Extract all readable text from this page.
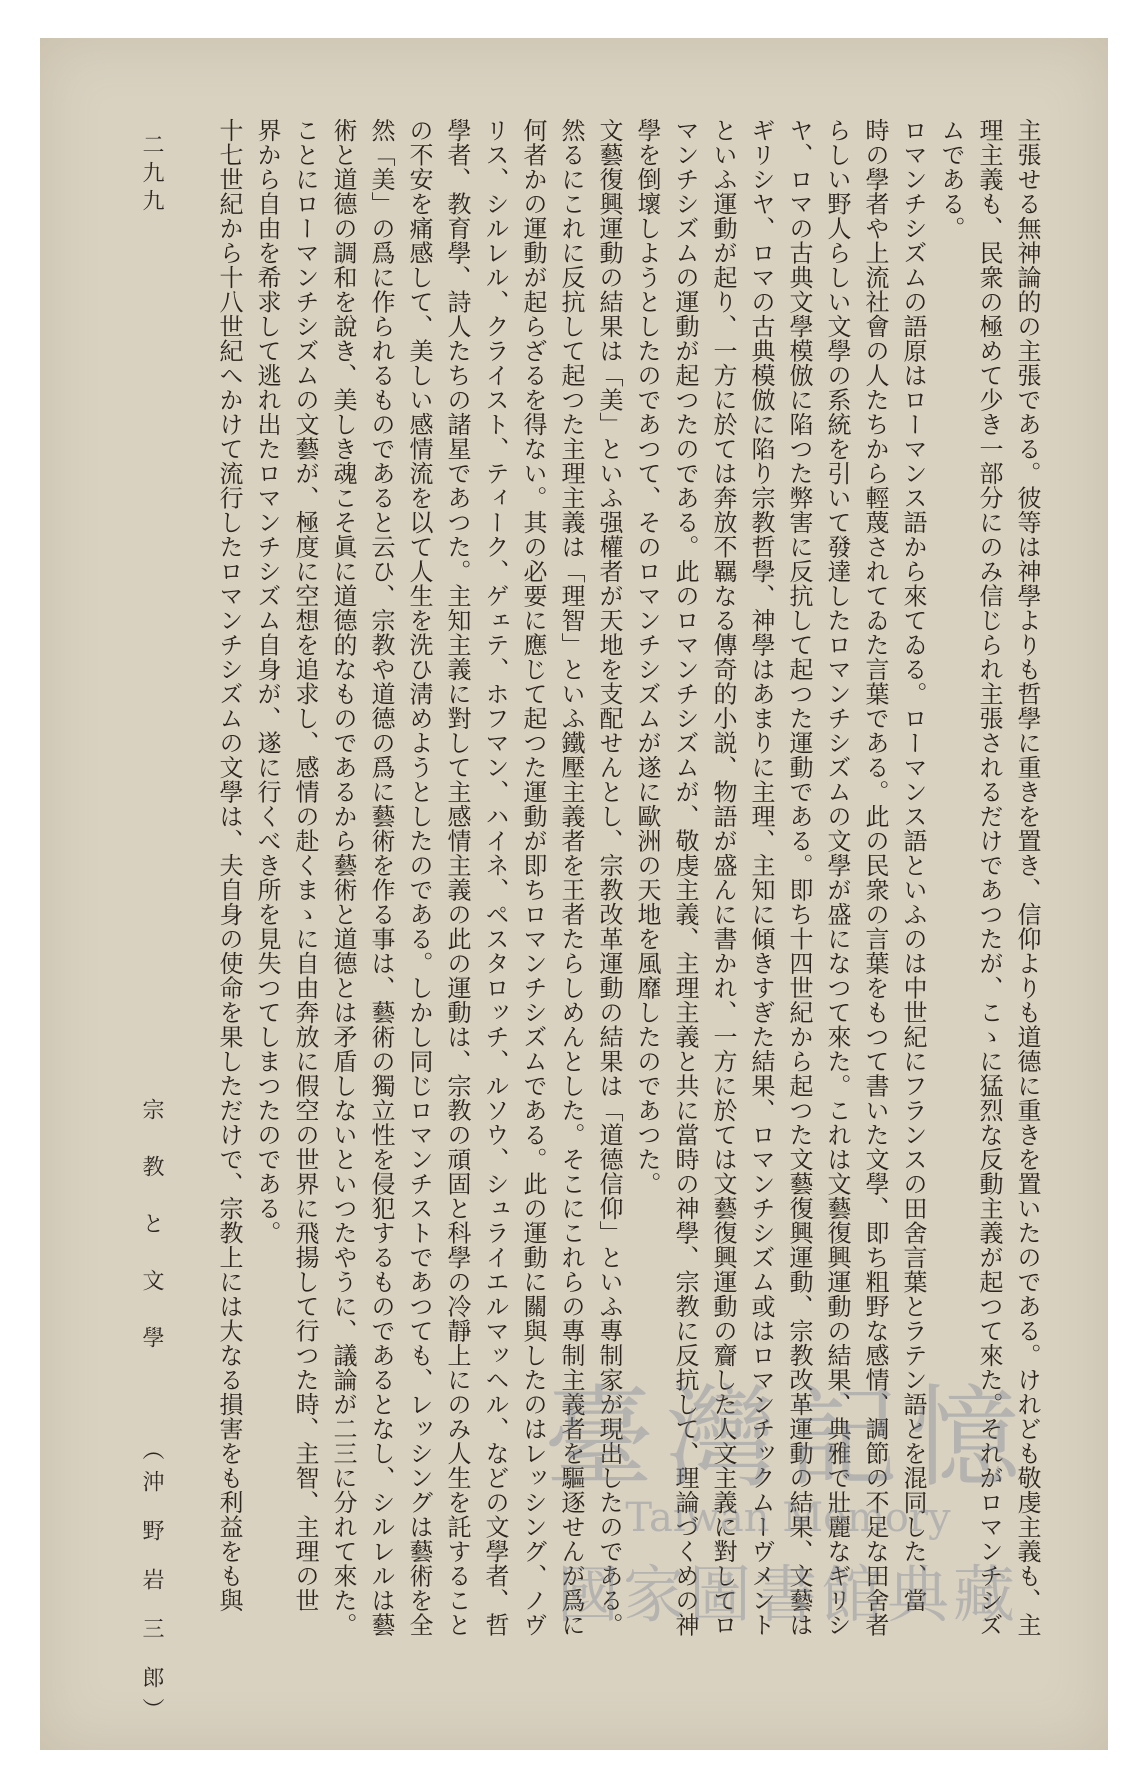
主張せる無神論的の主張である。彼等は神學よりも哲學に重きを置き、信仰よりも道德に重きを置いたのである。けれども敬虔主義も、主
理主義も、民衆の極めて少き一部分にのみ信じられ主張されるだけであつたが、こゝに猛烈な反動主義が起つて來た。それがロマンチシズ
ムである。
ロマンチシズムの語原はローマンス語から來てゐる。ローマンス語といふのは中世紀にフランスの田舍言葉とラテン語とを混同した、當
時の學者や上流社會の人たちから輕蔑されてゐた言葉である。此の民衆の言葉をもつて書いた文學、即ち粗野な感情、調節の不足な田舍者
らしい野人らしい文學の系統を引いて發達したロマンチシズムの文學が盛になつて來た。これは文藝復興運動の結果、典雅で壯麗なギリシ
ヤ、ロマの古典文學模倣に陷つた弊害に反抗して起つた運動である。即ち十四世紀から起つた文藝復興運動、宗教改革運動の結果、文藝は
ギリシヤ、ロマの古典模倣に陷り宗教哲學、神學はあまりに主理、主知に傾きすぎた結果、ロマンチシズム或はロマンチックムーヴメント
といふ運動が起り、一方に於ては奔放不羈なる傳奇的小説、物語が盛んに書かれ、一方に於ては文藝復興運動の齎した人文主義に對してロ
マンチシズムの運動が起つたのである。此のロマンチシズムが、敬虔主義、主理主義と共に當時の神學、宗教に反抗して、理論づくめの神
學を倒壞しようとしたのであつて、そのロマンチシズムが遂に歐洲の天地を風靡したのであつた。
文藝復興運動の結果は「美」といふ强權者が天地を支配せんとし、宗教改革運動の結果は「道德信仰」といふ專制家が現出したのである。
然るにこれに反抗して起つた主理主義は「理智」といふ鐵壓主義者を王者たらしめんとした。そこにこれらの專制主義者を驅逐せんが爲に
何者かの運動が起らざるを得ない。其の必要に應じて起つた運動が即ちロマンチシズムである。此の運動に關與したのはレッシング、ノヴ
リス、シルレル、クライスト、ティーク、ゲェテ、ホフマン、ハイネ、ペスタロッチ、ルソウ、シュライエルマッヘル、などの文學者、哲
學者、教育學、詩人たちの諸星であつた。主知主義に對して主感情主義の此の運動は、宗教の頑固と科學の冷靜上にのみ人生を託すること
の不安を痛感して、美しい感情流を以て人生を洗ひ淸めようとしたのである。しかし同じロマンチストであつても、レッシングは藝術を全
然「美」の爲に作られるものであると云ひ、宗教や道德の爲に藝術を作る事は、藝術の獨立性を侵犯するものであるとなし、シルレルは藝
術と道德の調和を說き、美しき魂こそ眞に道德的なものであるから藝術と道德とは矛盾しないといつたやうに、議論が二三に分れて來た。
ことにローマンチシズムの文藝が、極度に空想を追求し、感情の赴くまゝに自由奔放に假空の世界に飛揚して行つた時、主智、主理の世
界から自由を希求して逃れ出たロマンチシズム自身が、遂に行くべき所を見失つてしまつたのである。
十七世紀から十八世紀へかけて流行したロマンチシズムの文學は、夫自身の使命を果しただけで、宗教上には大なる損害をも利益をも與
宗 教 と 文 學
（沖 野 岩 三 郎）
二九九
臺灣記憶
Taiwan Memory
國家圖書館典藏
